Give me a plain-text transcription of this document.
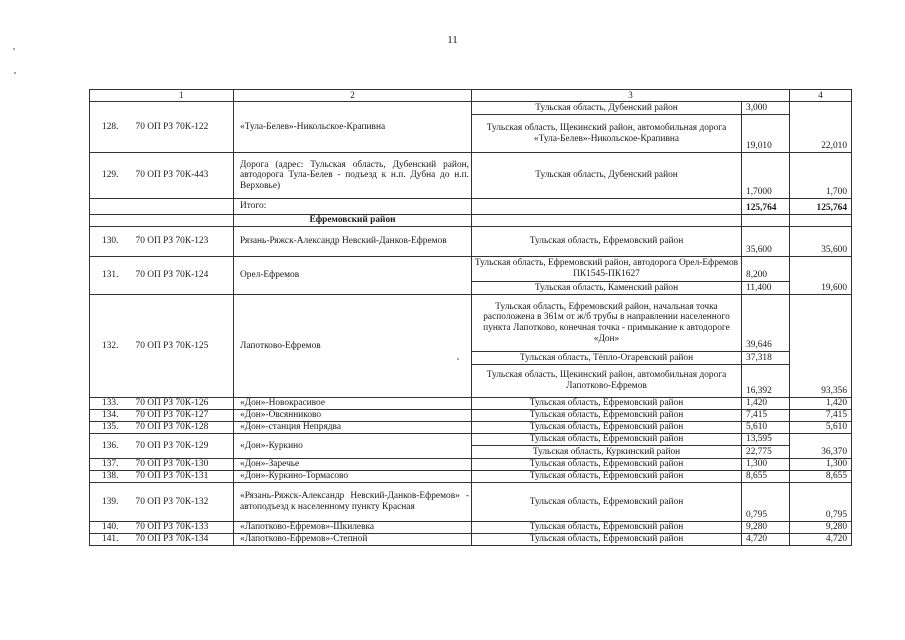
11
	1	2	3		4
128.	70 ОП РЗ 70К-122	«Тула-Белев»-Никольское-Крапивна	Тульская область, Дубенский район	3,000	22,010
			Тульская область, Щекинский район, автомобильная дорога «Тула-Белев»-Никольское-Крапивна	19,010	
129.	70 ОП РЗ 70К-443	Дорога (адрес: Тульская область, Дубенский район, автодорога Тула-Белев - подъезд к н.п. Дубна до н.п. Верховье)	Тульская область, Дубенский район	1,7000	1,700
		Итого:		125,764	125,764
		Ефремовский район			
130.	70 ОП РЗ 70К-123	Рязань-Ряжск-Александр Невский-Данков-Ефремов	Тульская область, Ефремовский район	35,600	35,600
131.	70 ОП РЗ 70К-124	Орел-Ефремов	Тульская область, Ефремовский район, автодорога Орел-Ефремов ПК1545-ПК1627	8,200	19,600
			Тульская область, Каменский район	11,400	
132.	70 ОП РЗ 70К-125	Лапотково-Ефремов	Тульская область, Ефремовский район, начальная точка расположена в 361м от ж/б трубы в направлении населенного пункта Лапотково, конечная точка - примыкание к автодороге «Дон»	39,646	93,356
			Тульская область, Тёпло-Огаревский район	37,318	
			Тульская область, Щекинский район, автомобильная дорога Лапотково-Ефремов	16,392	
133.	70 ОП РЗ 70К-126	«Дон»-Новокрасивое	Тульская область, Ефремовский район	1,420	1,420
134.	70 ОП РЗ 70К-127	«Дон»-Овсянниково	Тульская область, Ефремовский район	7,415	7,415
135.	70 ОП РЗ 70К-128	«Дон»-станция Непрядва	Тульская область, Ефремовский район	5,610	5,610
136.	70 ОП РЗ 70К-129	«Дон»-Куркино	Тульская область, Ефремовский район	13,595	36,370
			Тульская область, Куркинский район	22,775	
137.	70 ОП РЗ 70К-130	«Дон»-Заречье	Тульская область, Ефремовский район	1,300	1,300
138.	70 ОП РЗ 70К-131	«Дон»-Куркино-Тормасово	Тульская область, Ефремовский район	8,655	8,655
139.	70 ОП РЗ 70К-132	«Рязань-Ряжск-Александр Невский-Данков-Ефремов» - автоподъезд к населенному пункту Красная	Тульская область, Ефремовский район	0,795	0,795
140.	70 ОП РЗ 70К-133	«Лапотково-Ефремов»-Шкилевка	Тульская область, Ефремовский район	9,280	9,280
141.	70 ОП РЗ 70К-134	«Лапотково-Ефремов»-Степной	Тульская область, Ефремовский район	4,720	4,720
